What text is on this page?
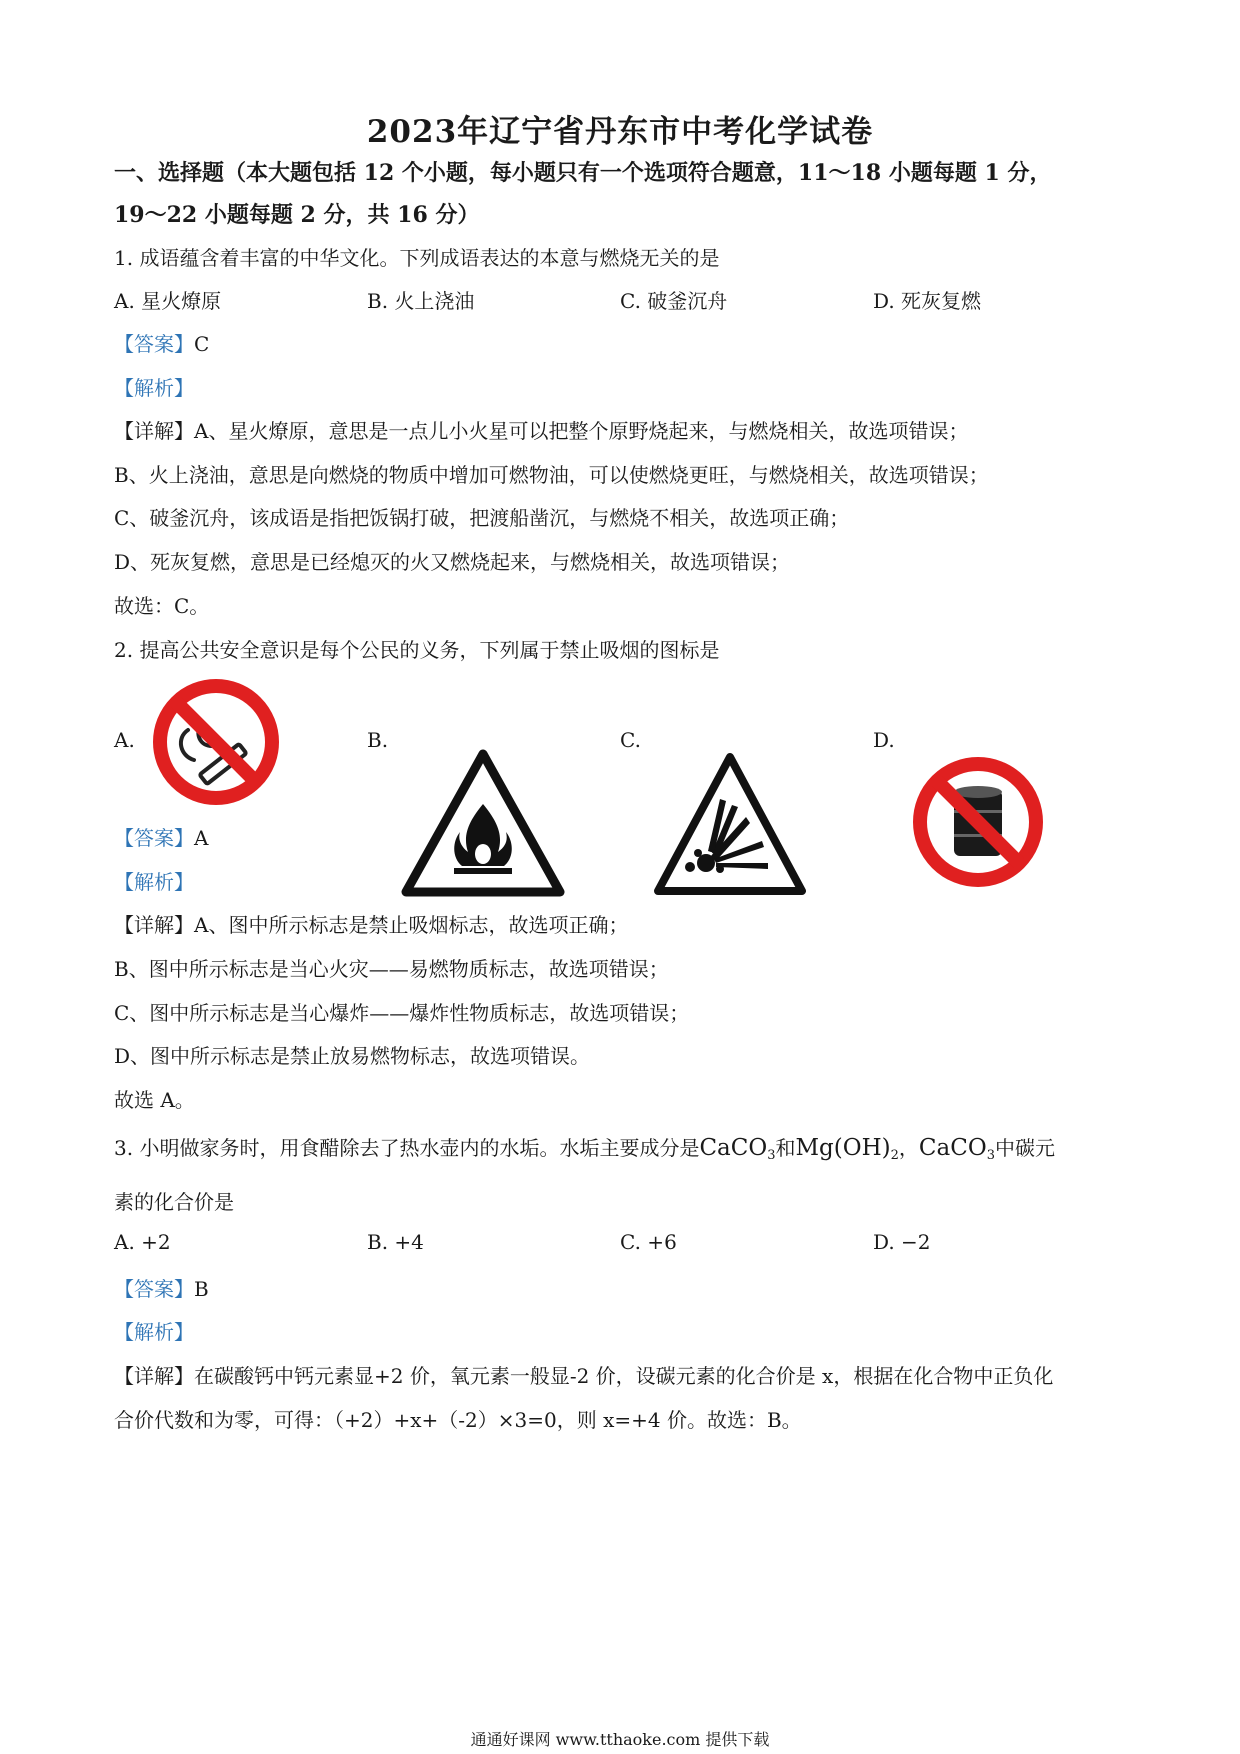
2023年辽宁省丹东市中考化学试卷
一、选择题（本大题包括 12 个小题，每小题只有一个选项符合题意，11～18 小题每题 1 分，
19～22 小题每题 2 分，共 16 分）
1. 成语蕴含着丰富的中华文化。下列成语表达的本意与燃烧无关的是
A. 星火燎原	B. 火上浇油	C. 破釜沉舟	D. 死灰复燃
【答案】C
【解析】
【详解】A、星火燎原，意思是一点儿小火星可以把整个原野烧起来，与燃烧相关，故选项错误；
B、火上浇油，意思是向燃烧的物质中增加可燃物油，可以使燃烧更旺，与燃烧相关，故选项错误；
C、破釜沉舟，该成语是指把饭锅打破，把渡船凿沉，与燃烧不相关，故选项正确；
D、死灰复燃，意思是已经熄灭的火又燃烧起来，与燃烧相关，故选项错误；
故选：C。
2. 提高公共安全意识是每个公民的义务，下列属于禁止吸烟的图标是
A.	B.	C.	D.
【答案】A
【解析】
【详解】A、图中所示标志是禁止吸烟标志，故选项正确；
B、图中所示标志是当心火灾——易燃物质标志，故选项错误；
C、图中所示标志是当心爆炸——爆炸性物质标志，故选项错误；
D、图中所示标志是禁止放易燃物标志，故选项错误。
故选 A。
3. 小明做家务时，用食醋除去了热水壶内的水垢。水垢主要成分是CaCO$_3$和$Mg(OH)_2$，CaCO$_3$中碳元
素的化合价是
A. +2	B. +4	C. +6	D. −2
【答案】B
【解析】
【详解】在碳酸钙中钙元素显+2 价，氧元素一般显-2 价，设碳元素的化合价是 x，根据在化合物中正负化
合价代数和为零，可得：（+2）+x+（-2）×3=0，则 x=+4 价。故选：B。
通通好课网 www.tthaoke.com 提供下载
